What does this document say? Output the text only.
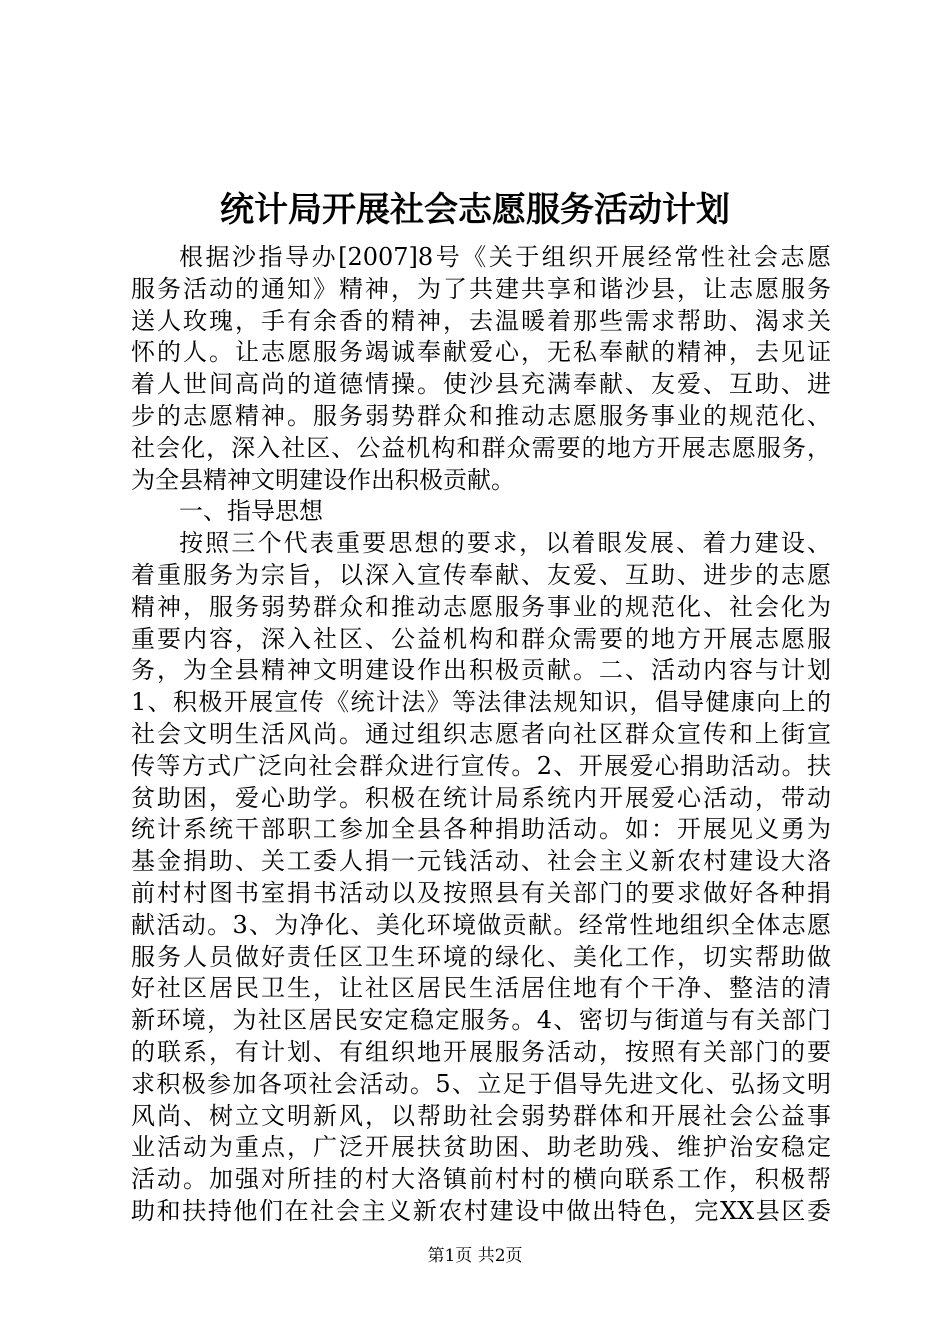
统计局开展社会志愿服务活动计划
根据沙指导办[2007]8号《关于组织开展经常性社会志愿
服务活动的通知》精神，为了共建共享和谐沙县，让志愿服务
送人玫瑰，手有余香的精神，去温暖着那些需求帮助、渴求关
怀的人。让志愿服务竭诚奉献爱心，无私奉献的精神，去见证
着人世间高尚的道德情操。使沙县充满奉献、友爱、互助、进
步的志愿精神。服务弱势群众和推动志愿服务事业的规范化、
社会化，深入社区、公益机构和群众需要的地方开展志愿服务，
为全县精神文明建设作出积极贡献。
一、指导思想
按照三个代表重要思想的要求，以着眼发展、着力建设、
着重服务为宗旨，以深入宣传奉献、友爱、互助、进步的志愿
精神，服务弱势群众和推动志愿服务事业的规范化、社会化为
重要内容，深入社区、公益机构和群众需要的地方开展志愿服
务，为全县精神文明建设作出积极贡献。二、活动内容与计划
1、积极开展宣传《统计法》等法律法规知识，倡导健康向上的
社会文明生活风尚。通过组织志愿者向社区群众宣传和上街宣
传等方式广泛向社会群众进行宣传。2、开展爱心捐助活动。扶
贫助困，爱心助学。积极在统计局系统内开展爱心活动，带动
统计系统干部职工参加全县各种捐助活动。如：开展见义勇为
基金捐助、关工委人捐一元钱活动、社会主义新农村建设大洛
前村村图书室捐书活动以及按照县有关部门的要求做好各种捐
献活动。3、为净化、美化环境做贡献。经常性地组织全体志愿
服务人员做好责任区卫生环境的绿化、美化工作，切实帮助做
好社区居民卫生，让社区居民生活居住地有个干净、整洁的清
新环境，为社区居民安定稳定服务。4、密切与街道与有关部门
的联系，有计划、有组织地开展服务活动，按照有关部门的要
求积极参加各项社会活动。5、立足于倡导先进文化、弘扬文明
风尚、树立文明新风，以帮助社会弱势群体和开展社会公益事
业活动为重点，广泛开展扶贫助困、助老助残、维护治安稳定
活动。加强对所挂的村大洛镇前村村的横向联系工作，积极帮
助和扶持他们在社会主义新农村建设中做出特色，完XX县区委
第1页 共2页
